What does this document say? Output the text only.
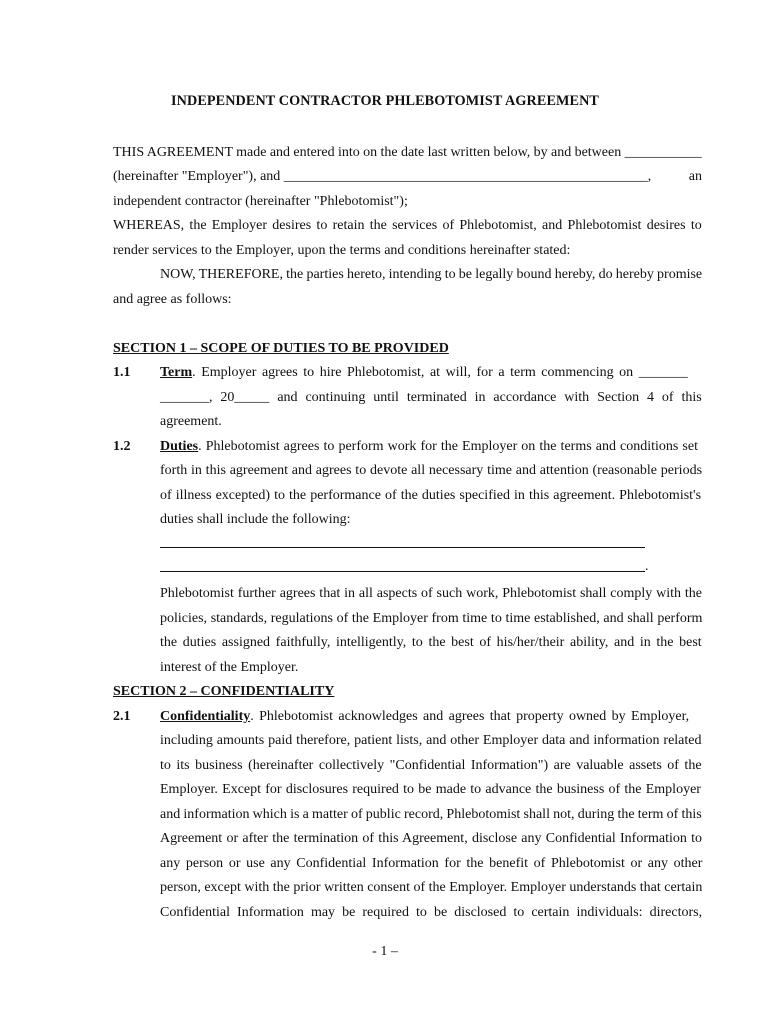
INDEPENDENT CONTRACTOR PHLEBOTOMIST AGREEMENT
THIS AGREEMENT made and entered into on the date last written below, by and between ___________
(hereinafter "Employer"), and ____________________________________________________,	an
independent contractor (hereinafter "Phlebotomist");
WHEREAS, the Employer desires to retain the services of Phlebotomist, and Phlebotomist desires to
render services to the Employer, upon the terms and conditions hereinafter stated:
NOW, THEREFORE, the parties hereto, intending to be legally bound hereby, do hereby promise
and agree as follows:
SECTION 1 – SCOPE OF DUTIES TO BE PROVIDED
1.1 Term. Employer agrees to hire Phlebotomist, at will, for a term commencing on _______
_______, 20_____ and continuing until terminated in accordance with Section 4 of this
agreement.
1.2 Duties. Phlebotomist agrees to perform work for the Employer on the terms and conditions set
forth in this agreement and agrees to devote all necessary time and attention (reasonable periods
of illness excepted) to the performance of the duties specified in this agreement. Phlebotomist's
duties shall include the following:
.
Phlebotomist further agrees that in all aspects of such work, Phlebotomist shall comply with the
policies, standards, regulations of the Employer from time to time established, and shall perform
the duties assigned faithfully, intelligently, to the best of his/her/their ability, and in the best
interest of the Employer.
SECTION 2 – CONFIDENTIALITY
2.1 Confidentiality. Phlebotomist acknowledges and agrees that property owned by Employer,
including amounts paid therefore, patient lists, and other Employer data and information related
to its business (hereinafter collectively "Confidential Information") are valuable assets of the
Employer. Except for disclosures required to be made to advance the business of the Employer
and information which is a matter of public record, Phlebotomist shall not, during the term of this
Agreement or after the termination of this Agreement, disclose any Confidential Information to
any person or use any Confidential Information for the benefit of Phlebotomist or any other
person, except with the prior written consent of the Employer. Employer understands that certain
Confidential Information may be required to be disclosed to certain individuals: directors,
- 1 –
